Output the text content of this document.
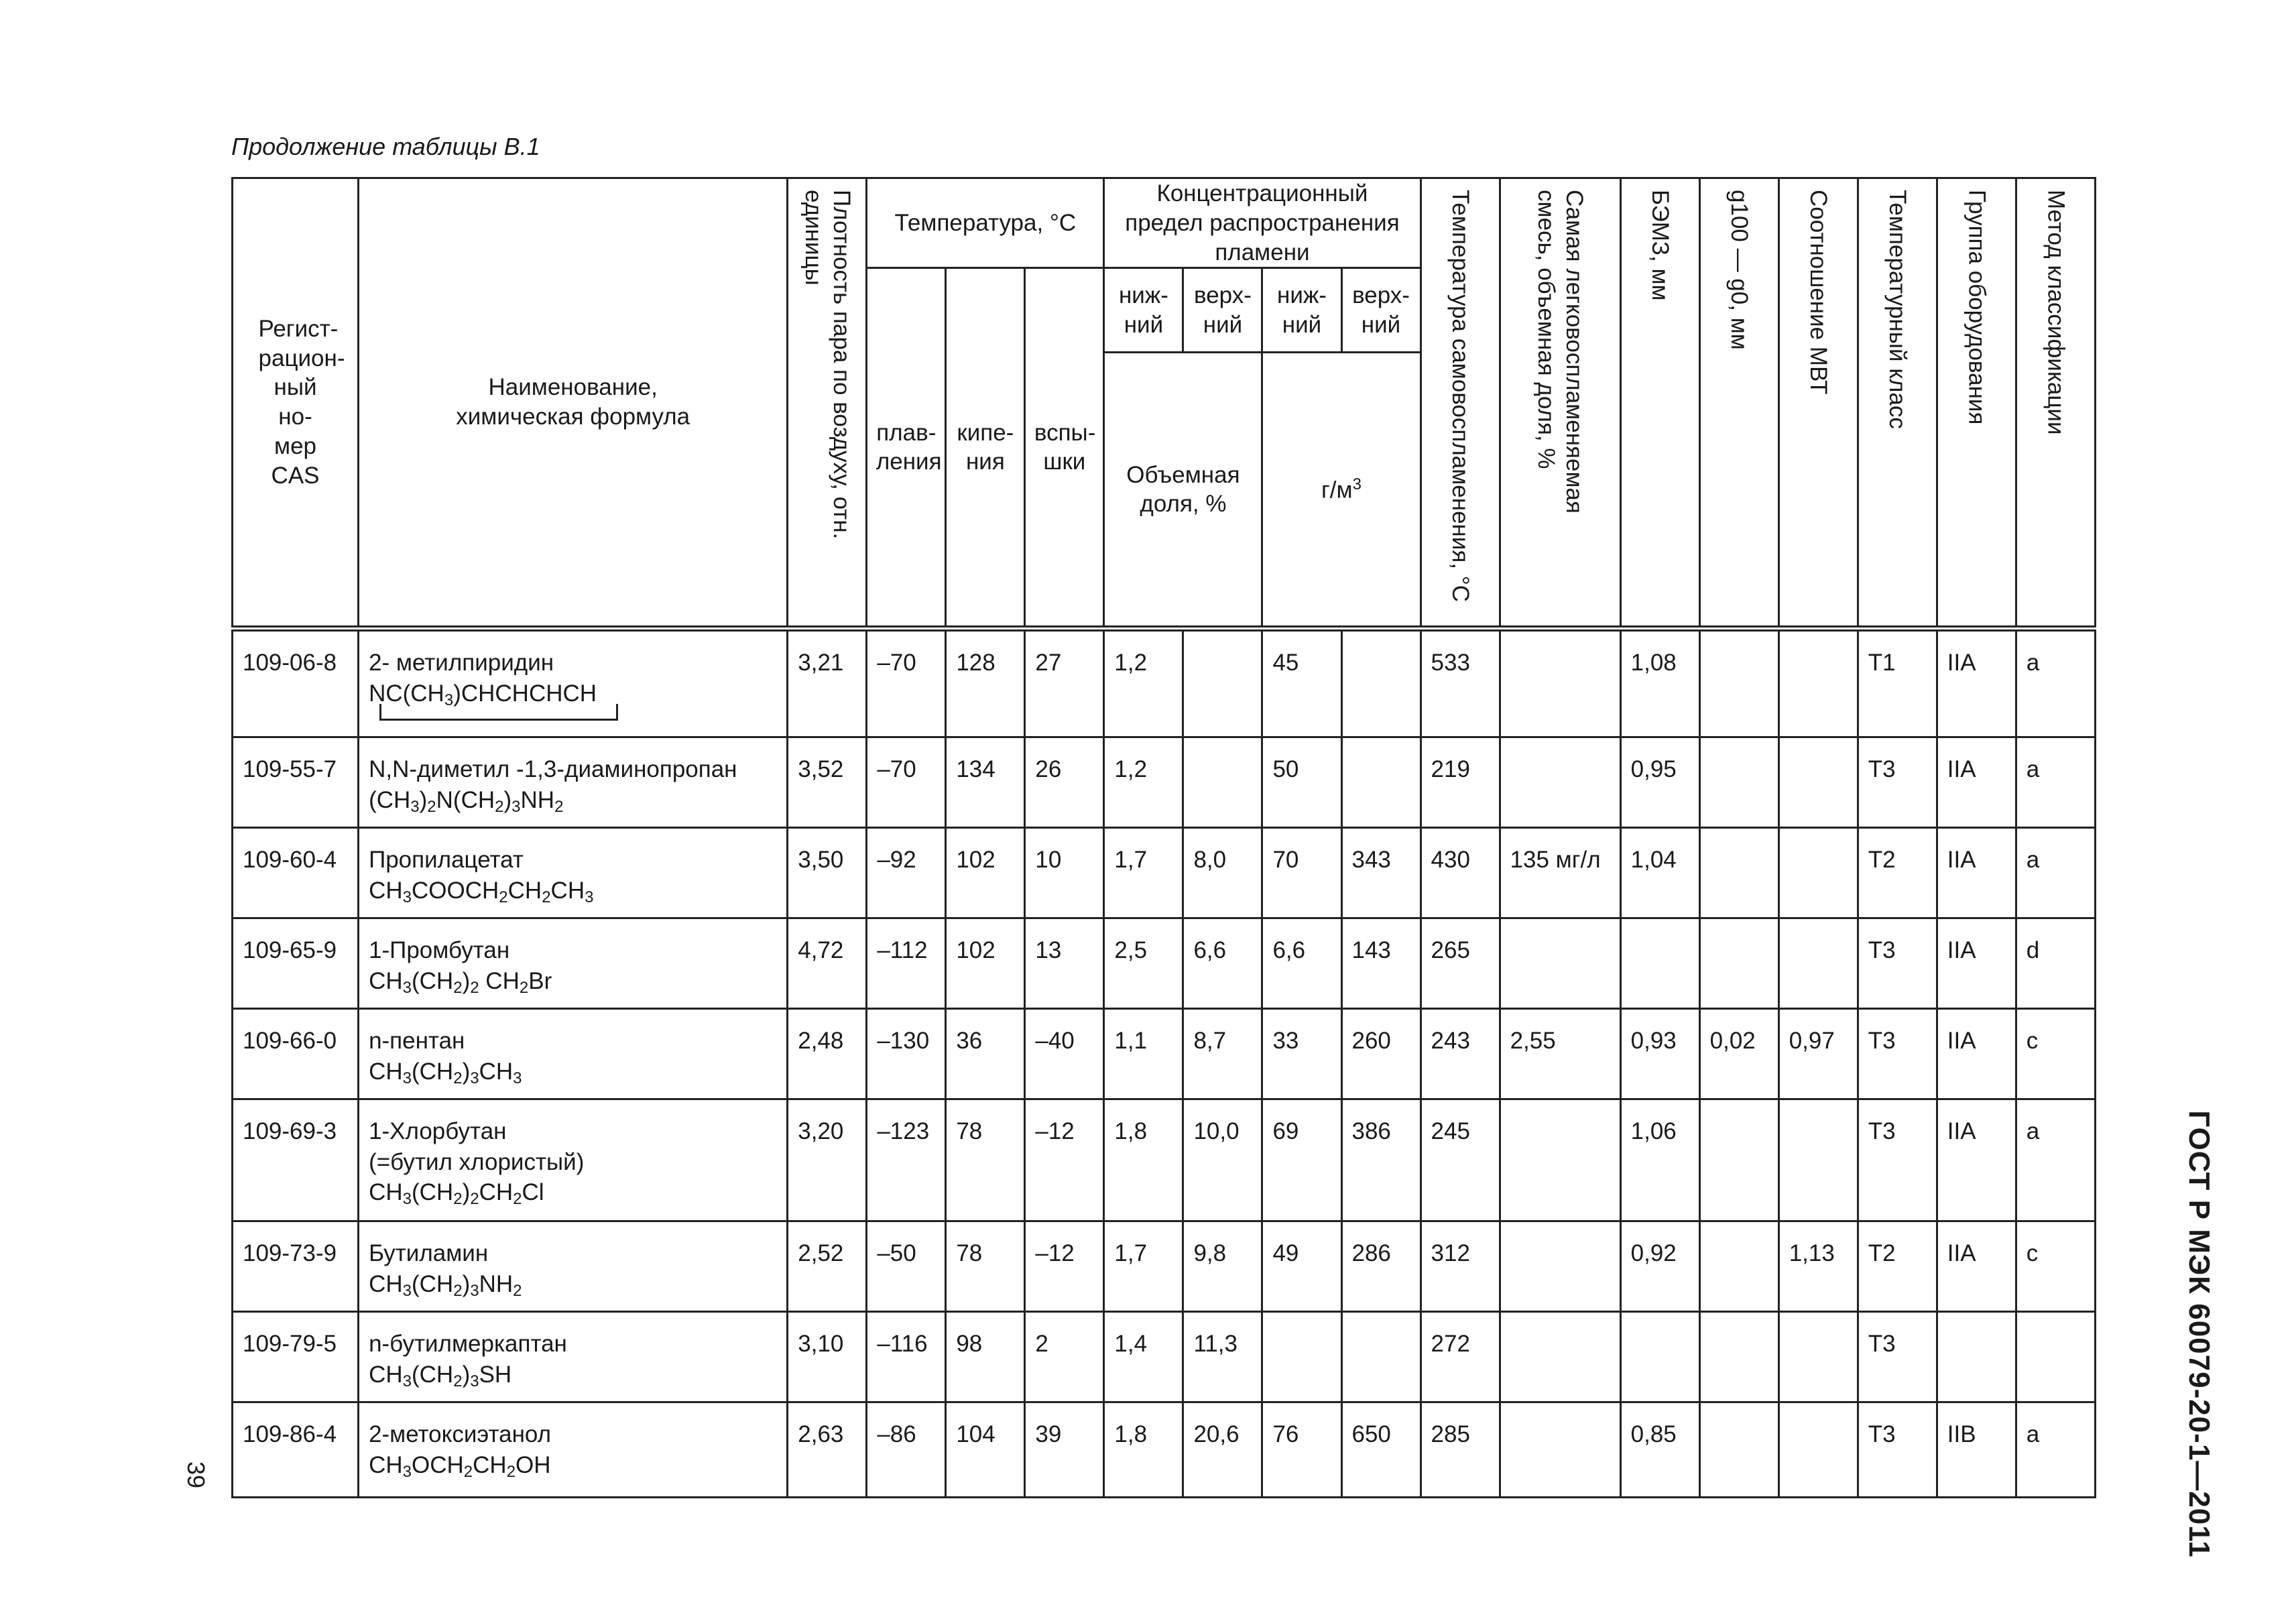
Продолжение таблицы В.1
Регист-рацион-ный но-мер CAS	Наименование, химическая формула	Плотность пара по воздуху, отн. единицы	Температура, °С			Концентрационный предел распространения пламени				Температура самовоспламенения, °С	Самая легковоспламеняемая смесь, объемная доля, %	БЭМЗ, мм	g100 — g0, мм	Соотношение МВТ	Температурный класс	Группа оборудования	Метод классификации

			плав-ления	кипе-ния	вспы-шки	ниж-ний	верх-ний	ниж-ний	верх-ний								
						Объемная доля, %		$г/м^3$
109-06-8	2- метилпиридин
$NC(CH_3)CHCHCHCH$	3,21	–70	128	27	1,2		45		533		1,08			T1	IIA	a
109-55-7	N,N-диметил -1,3-диаминопропан
$(CH_3)_2N(CH_2)_3NH_2$	3,52	–70	134	26	1,2		50		219		0,95			T3	IIA	a
109-60-4	Пропилацетат
$CH_3COOCH_2CH_2CH_3$	3,50	–92	102	10	1,7	8,0	70	343	430	135 мг/л	1,04			T2	IIA	a
109-65-9	1-Промбутан
$CH_3(CH_2)_2$ $CH_2Br$	4,72	–112	102	13	2,5	6,6	6,6	143	265					T3	IIA	d
109-66-0	n-пентан
$CH_3(CH_2)_3CH_3$	2,48	–130	36	–40	1,1	8,7	33	260	243	2,55	0,93	0,02	0,97	T3	IIA	c
109-69-3	1-Хлорбутан
(=бутил хлористый)
$CH_3(CH_2)_2CH_2Cl$	3,20	–123	78	–12	1,8	10,0	69	386	245		1,06			T3	IIA	a
109-73-9	Бутиламин
$CH_3(CH_2)_3NH_2$	2,52	–50	78	–12	1,7	9,8	49	286	312		0,92		1,13	T2	IIA	c
109-79-5	n-бутилмеркаптан
$CH_3(CH_2)_3SH$	3,10	–116	98	2	1,4	11,3			272					T3		
109-86-4	2-метоксиэтанол
$CH_3OCH_2CH_2OH$	2,63	–86	104	39	1,8	20,6	76	650	285		0,85			T3	IIB	a
39	ГОСТ Р МЭК 60079-20-1—2011
